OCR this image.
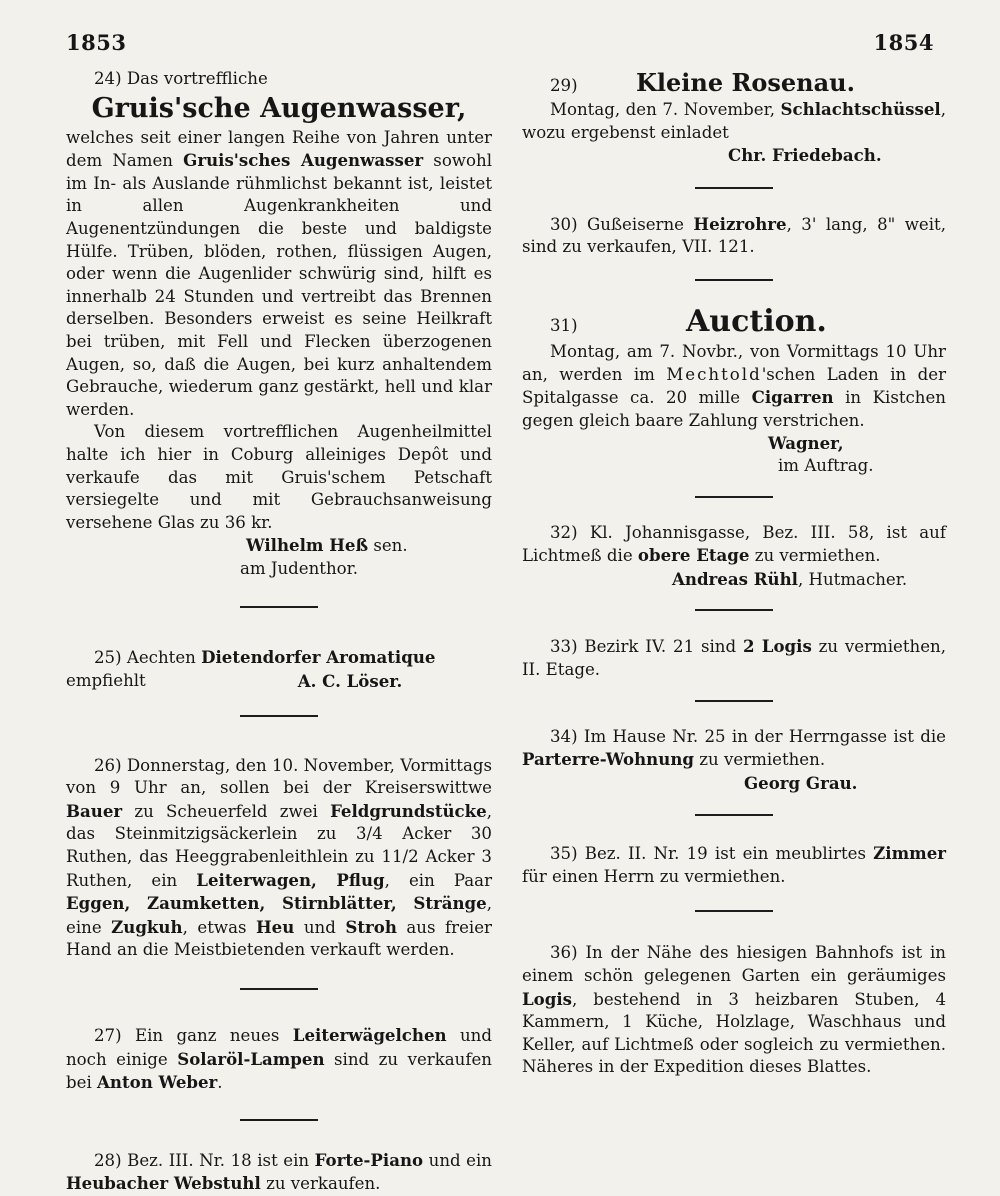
1853	1854

24) Das vortreffliche

Gruis'sche Augenwasser,

welches seit einer langen Reihe von Jahren unter dem Namen Gruis'sches Augenwasser sowohl im In- als Auslande rühmlichst bekannt ist, leistet in allen Augenkrankheiten und Augenentzündungen die beste und baldigste Hülfe. Trüben, blöden, rothen, flüssigen Augen, oder wenn die Augenlider schwürig sind, hilft es innerhalb 24 Stunden und vertreibt das Brennen derselben. Besonders erweist es seine Heilkraft bei trüben, mit Fell und Flecken überzogenen Augen, so, daß die Augen, bei kurz anhaltendem Gebrauche, wiederum ganz gestärkt, hell und klar werden.

Von diesem vortrefflichen Augenheilmittel halte ich hier in Coburg alleiniges Depôt und verkaufe das mit Gruis'schem Petschaft versiegelte und mit Gebrauchsanweisung versehene Glas zu 36 kr.

Wilhelm Heß sen.

am Judenthor.

25) Aechten Dietendorfer Aromatique

empfiehlt	A. C. Löser.

26) Donnerstag, den 10. November, Vormittags von 9 Uhr an, sollen bei der Kreiserswittwe Bauer zu Scheuerfeld zwei Feldgrundstücke, das Steinmitzigsäckerlein zu 3/4 Acker 30 Ruthen, das Heeggrabenleithlein zu 11/2 Acker 3 Ruthen, ein Leiterwagen, Pflug, ein Paar Eggen, Zaumketten, Stirnblätter, Stränge, eine Zugkuh, etwas Heu und Stroh aus freier Hand an die Meistbietenden verkauft werden.

27) Ein ganz neues Leiterwägelchen und noch einige Solaröl-Lampen sind zu verkaufen bei Anton Weber.

28) Bez. III. Nr. 18 ist ein Forte-Piano und ein Heubacher Webstuhl zu verkaufen.

29)	Kleine Rosenau.

Montag, den 7. November, Schlachtschüssel, wozu ergebenst einladet

Chr. Friedebach.

30) Gußeiserne Heizrohre, 3' lang, 8" weit, sind zu verkaufen, VII. 121.

31)	Auction.

Montag, am 7. Novbr., von Vormittags 10 Uhr an, werden im Mechtold'schen Laden in der Spitalgasse ca. 20 mille Cigarren in Kistchen gegen gleich baare Zahlung verstrichen.

Wagner,

im Auftrag.

32) Kl. Johannisgasse, Bez. III. 58, ist auf Lichtmeß die obere Etage zu vermiethen.

Andreas Rühl, Hutmacher.

33) Bezirk IV. 21 sind 2 Logis zu vermiethen, II. Etage.

34) Im Hause Nr. 25 in der Herrngasse ist die Parterre-Wohnung zu vermiethen.

Georg Grau.

35) Bez. II. Nr. 19 ist ein meublirtes Zimmer für einen Herrn zu vermiethen.

36) In der Nähe des hiesigen Bahnhofs ist in einem schön gelegenen Garten ein geräumiges Logis, bestehend in 3 heizbaren Stuben, 4 Kammern, 1 Küche, Holzlage, Waschhaus und Keller, auf Lichtmeß oder sogleich zu vermiethen. Näheres in der Expedition dieses Blattes.
